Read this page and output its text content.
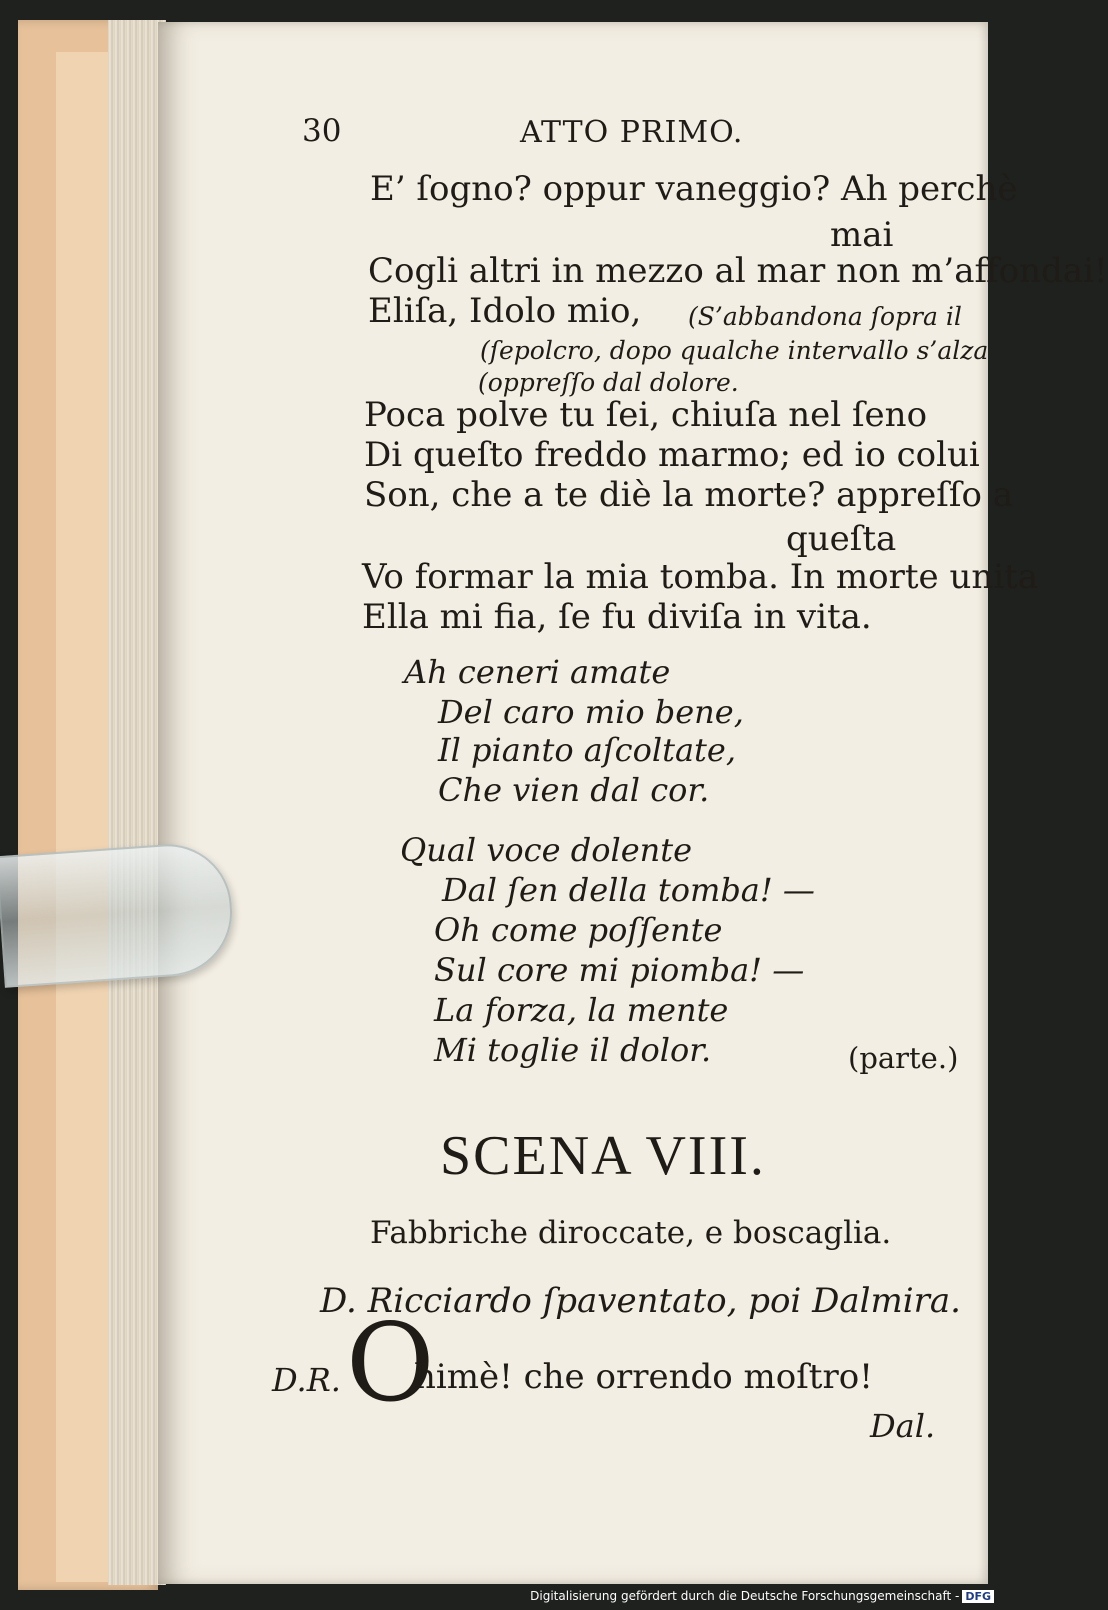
30	ATTO PRIMO.
E’ ſogno? oppur vaneggio? Ah perchè
mai
Cogli altri in mezzo al mar non m’affondai!
Eliſa, Idolo mio, (S’abbandona ſopra il
(ſepolcro, dopo qualche intervallo s’alza
(oppreſſo dal dolore.
Poca polve tu ſei, chiuſa nel ſeno
Di queſto freddo marmo; ed io colui
Son, che a te diè la morte? appreſſo a
queſta
Vo formar la mia tomba. In morte unita
Ella mi fia, ſe fu diviſa in vita.
Ah ceneri amate
Del caro mio bene,
Il pianto aſcoltate,
Che vien dal cor.
Qual voce dolente
Dal ſen della tomba! —
Oh come poſſente
Sul core mi piomba! —
La forza, la mente
Mi toglie il dolor.	(parte.)
SCENA VIII.
Fabbriche diroccate, e boscaglia.
D. Ricciardo ſpaventato, poi Dalmira.
D.R. O
himè! che orrendo moſtro!
Dal.
Digitalisierung gefördert durch die Deutsche Forschungsgemeinschaft - DFG
